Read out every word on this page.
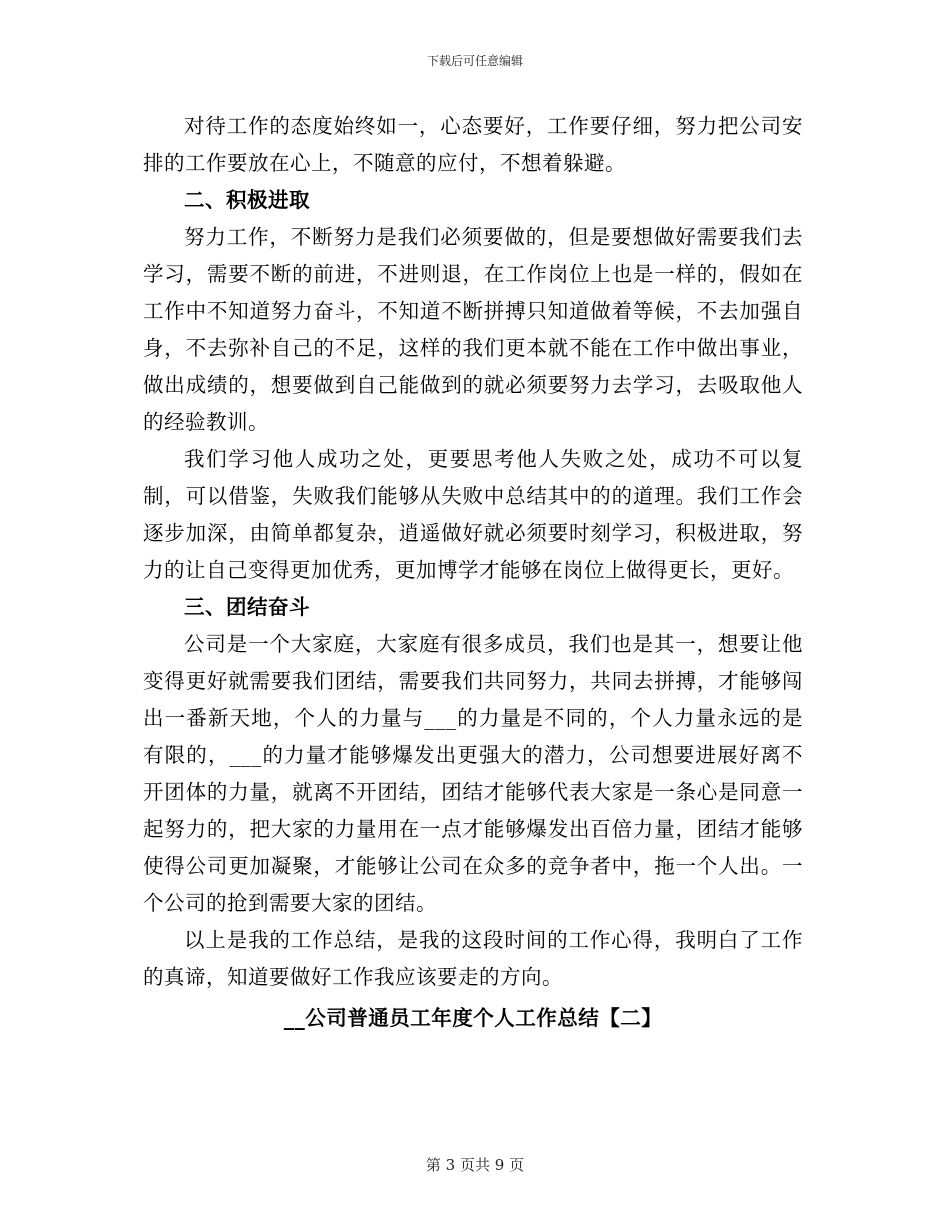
下载后可任意编辑

对待工作的态度始终如一，心态要好，工作要仔细，努力把公司安排的工作要放在心上，不随意的应付，不想着躲避。

二、积极进取

努力工作，不断努力是我们必须要做的，但是要想做好需要我们去学习，需要不断的前进，不进则退，在工作岗位上也是一样的，假如在工作中不知道努力奋斗，不知道不断拼搏只知道做着等候，不去加强自身，不去弥补自己的不足，这样的我们更本就不能在工作中做出事业，做出成绩的，想要做到自己能做到的就必须要努力去学习，去吸取他人的经验教训。

我们学习他人成功之处，更要思考他人失败之处，成功不可以复制，可以借鉴，失败我们能够从失败中总结其中的的道理。我们工作会逐步加深，由简单都复杂，逍遥做好就必须要时刻学习，积极进取，努力的让自己变得更加优秀，更加博学才能够在岗位上做得更长，更好。

三、团结奋斗

公司是一个大家庭，大家庭有很多成员，我们也是其一，想要让他变得更好就需要我们团结，需要我们共同努力，共同去拼搏，才能够闯出一番新天地，个人的力量与___的力量是不同的，个人力量永远的是有限的，___的力量才能够爆发出更强大的潜力，公司想要进展好离不开团体的力量，就离不开团结，团结才能够代表大家是一条心是同意一起努力的，把大家的力量用在一点才能够爆发出百倍力量，团结才能够使得公司更加凝聚，才能够让公司在众多的竞争者中，拖一个人出。一个公司的抢到需要大家的团结。

以上是我的工作总结，是我的这段时间的工作心得，我明白了工作的真谛，知道要做好工作我应该要走的方向。

__公司普通员工年度个人工作总结【二】

第 3 页共 9 页
